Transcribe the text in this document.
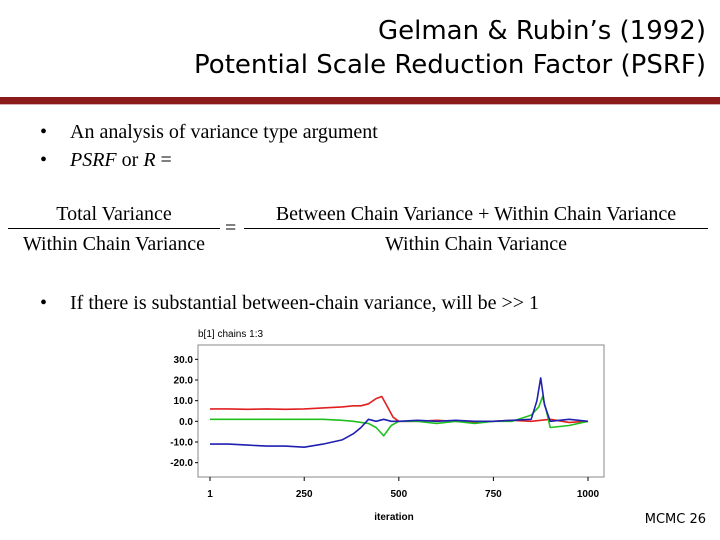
Gelman & Rubin’s (1992)
Potential Scale Reduction Factor (PSRF)
• An analysis of variance type argument
• PSRF or R =
Total Variance
Within Chain Variance
=
Between Chain Variance + Within Chain Variance
Within Chain Variance
• If there is substantial between-chain variance, will be >> 1
b[1] chains 1:3
30.0
20.0
10.0
0.0
-10.0
-20.0
1	250	500	750	1000
iteration	MCMC 26
